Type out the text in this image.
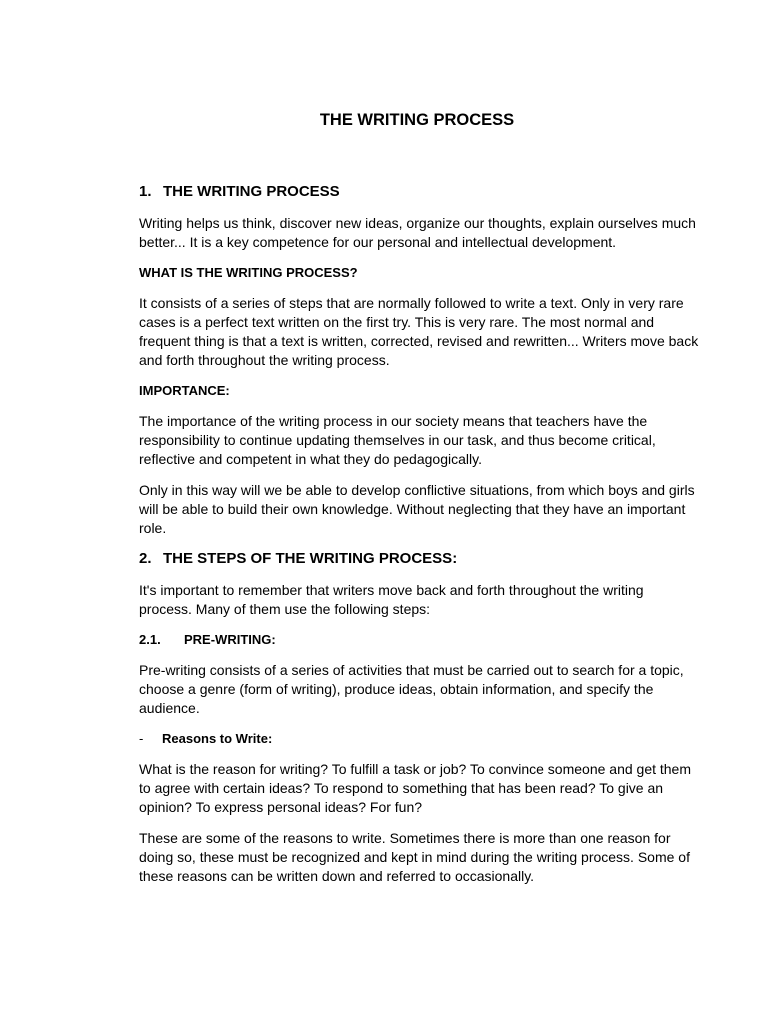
THE WRITING PROCESS
1. THE WRITING PROCESS

Writing helps us think, discover new ideas, organize our thoughts, explain ourselves much better... It is a key competence for our personal and intellectual development.

WHAT IS THE WRITING PROCESS?

It consists of a series of steps that are normally followed to write a text. Only in very rare cases is a perfect text written on the first try. This is very rare. The most normal and frequent thing is that a text is written, corrected, revised and rewritten... Writers move back and forth throughout the writing process.

IMPORTANCE:

The importance of the writing process in our society means that teachers have the responsibility to continue updating themselves in our task, and thus become critical, reflective and competent in what they do pedagogically.

Only in this way will we be able to develop conflictive situations, from which boys and girls will be able to build their own knowledge. Without neglecting that they have an important role.

2. THE STEPS OF THE WRITING PROCESS:

It's important to remember that writers move back and forth throughout the writing process. Many of them use the following steps:

2.1. PRE-WRITING:

Pre-writing consists of a series of activities that must be carried out to search for a topic, choose a genre (form of writing), produce ideas, obtain information, and specify the audience.

- Reasons to Write:

What is the reason for writing? To fulfill a task or job? To convince someone and get them to agree with certain ideas? To respond to something that has been read? To give an opinion? To express personal ideas? For fun?

These are some of the reasons to write. Sometimes there is more than one reason for doing so, these must be recognized and kept in mind during the writing process. Some of these reasons can be written down and referred to occasionally.
